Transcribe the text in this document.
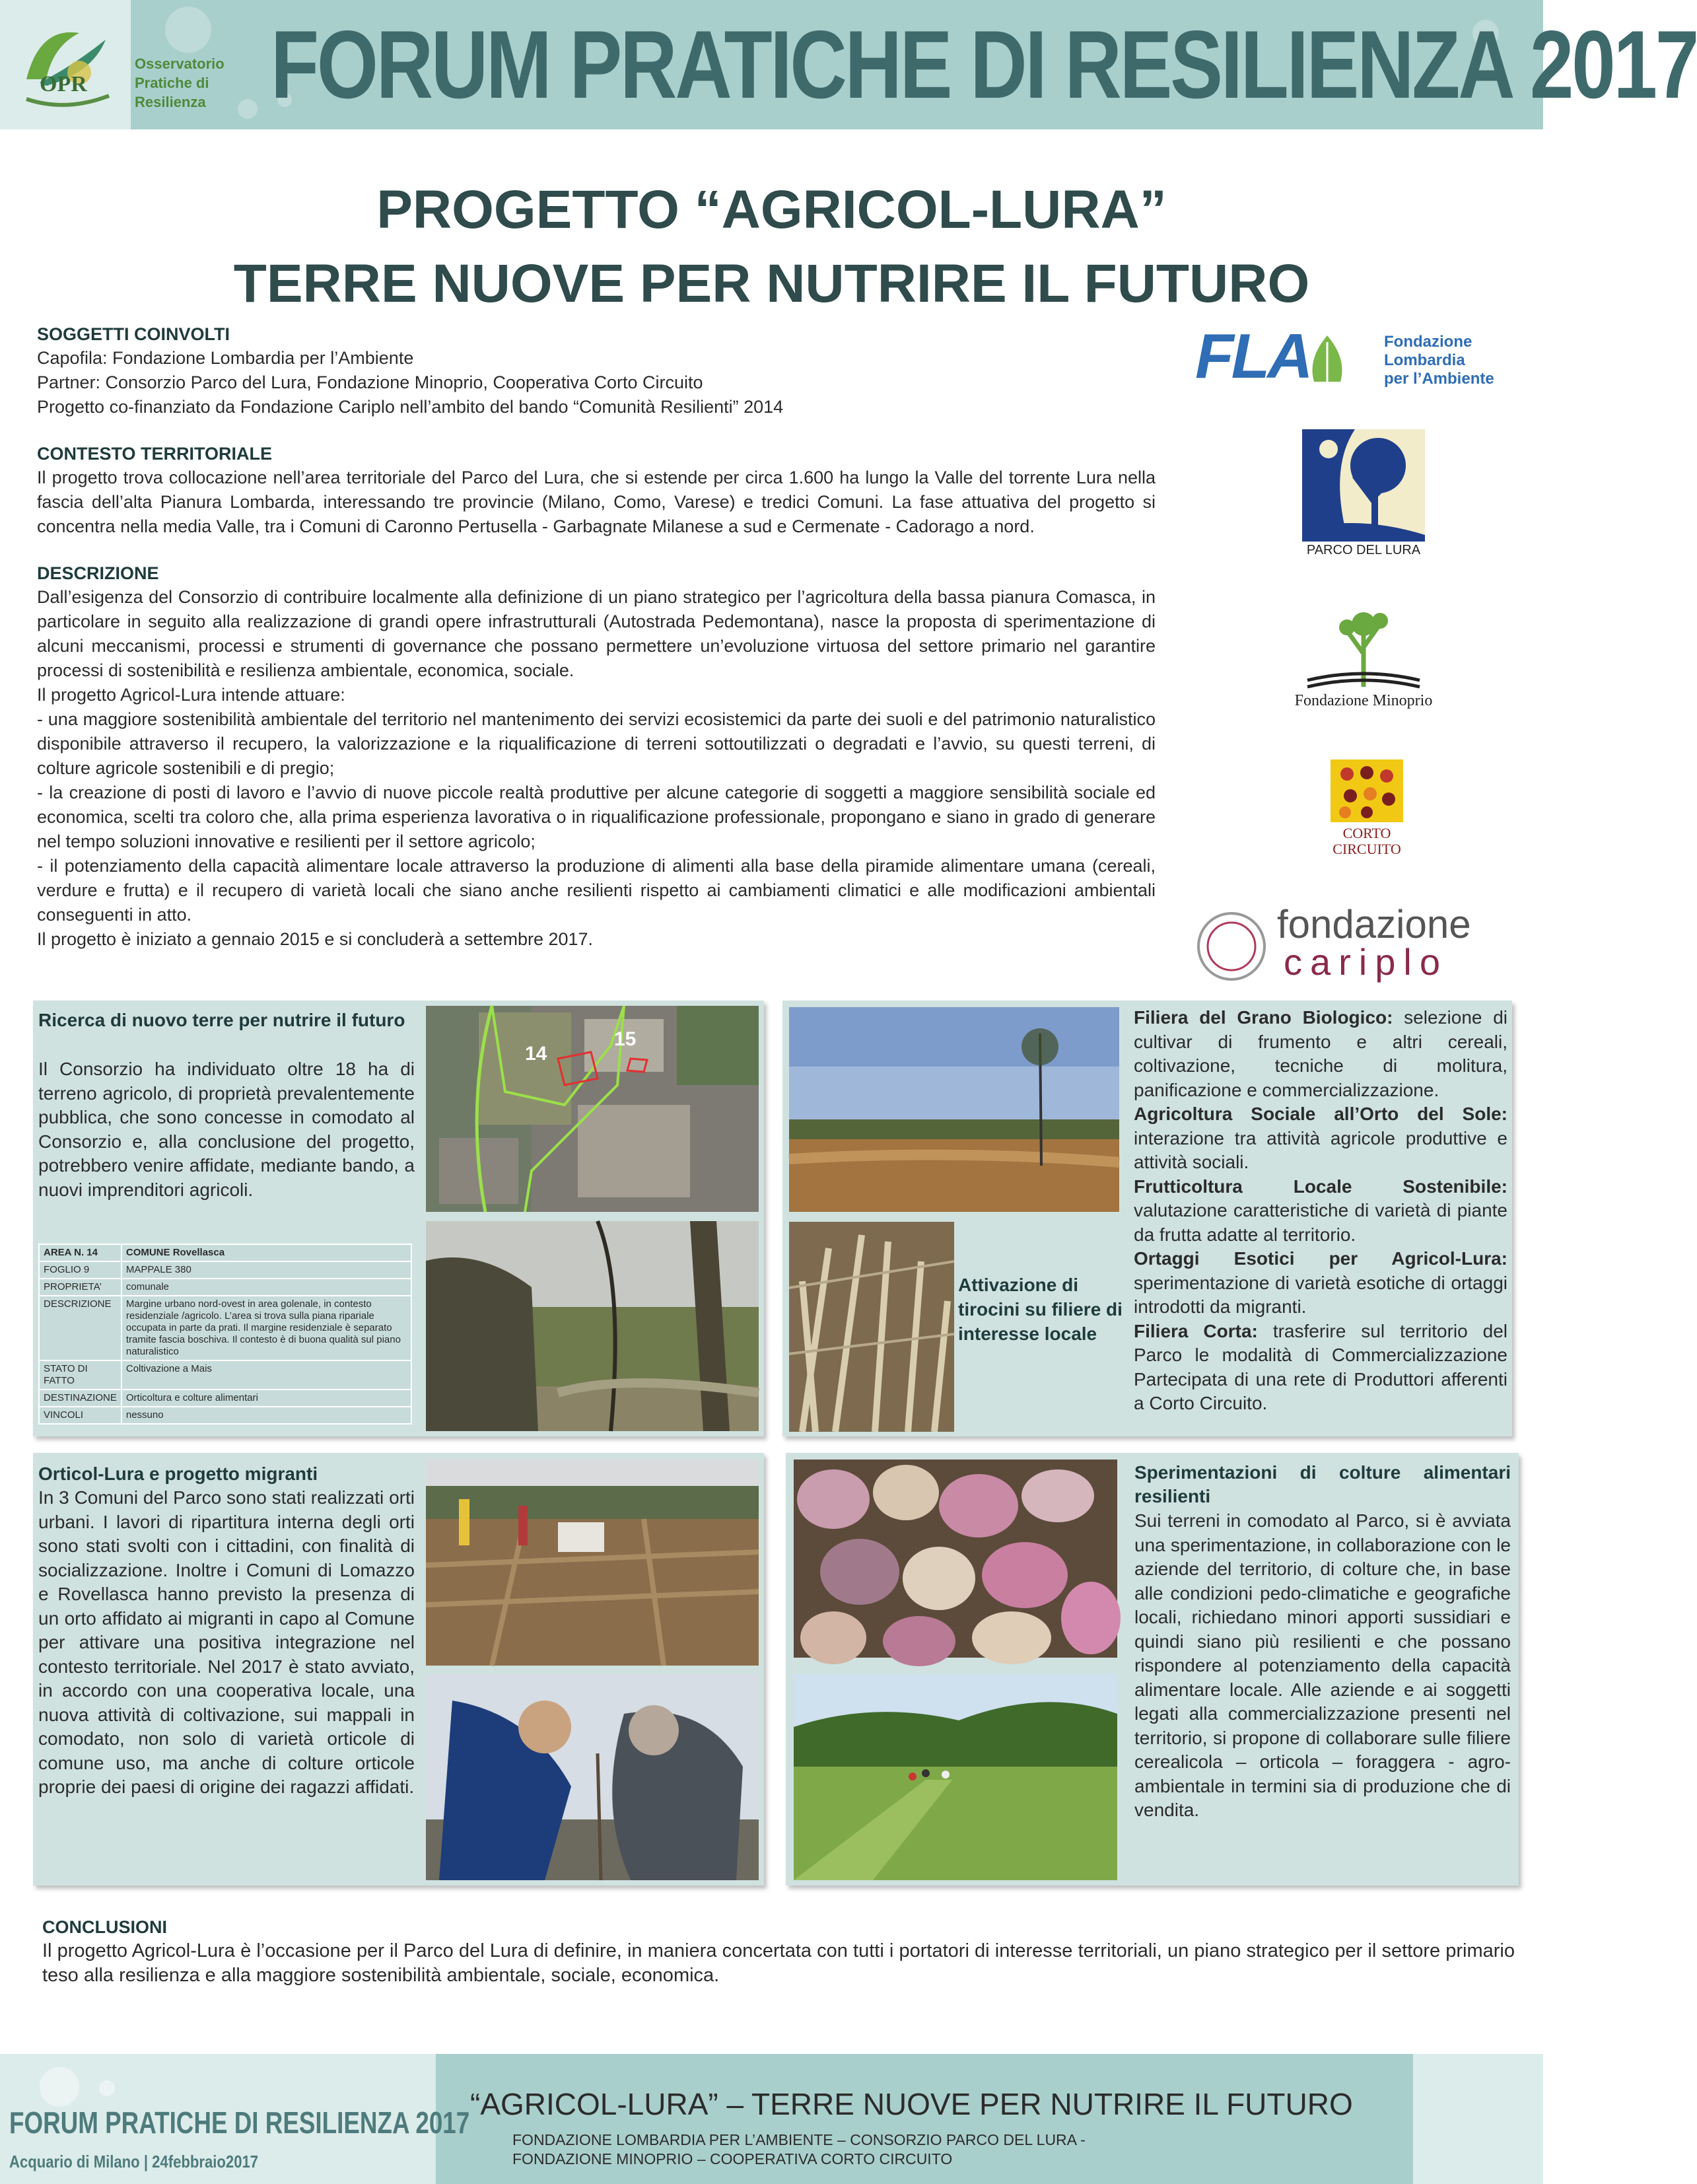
OPR
Osservatorio
Pratiche di
Resilienza FORUM PRATICHE DI RESILIENZA 2017
PROGETTO “AGRICOL-LURA”
TERRE NUOVE PER NUTRIRE IL FUTURO
SOGGETTI COINVOLTI
Capofila: Fondazione Lombardia per l’Ambiente
Partner: Consorzio Parco del Lura, Fondazione Minoprio, Cooperativa Corto Circuito
Progetto co-finanziato da Fondazione Cariplo nell’ambito del bando “Comunità Resilienti” 2014
CONTESTO TERRITORIALE
Il progetto trova collocazione nell’area territoriale del Parco del Lura, che si estende per circa 1.600 ha lungo la Valle del torrente Lura nella fascia dell’alta Pianura Lombarda, interessando tre provincie (Milano, Como, Varese) e tredici Comuni. La fase attuativa del progetto si concentra nella media Valle, tra i Comuni di Caronno Pertusella - Garbagnate Milanese a sud e Cermenate - Cadorago a nord.
DESCRIZIONE
Dall’esigenza del Consorzio di contribuire localmente alla definizione di un piano strategico per l’agricoltura della bassa pianura Comasca, in particolare in seguito alla realizzazione di grandi opere infrastrutturali (Autostrada Pedemontana), nasce la proposta di sperimentazione di alcuni meccanismi, processi e strumenti di governance che possano permettere un’evoluzione virtuosa del settore primario nel garantire processi di sostenibilità e resilienza ambientale, economica, sociale.
Il progetto Agricol-Lura intende attuare:
- una maggiore sostenibilità ambientale del territorio nel mantenimento dei servizi ecosistemici da parte dei suoli e del patrimonio naturalistico disponibile attraverso il recupero, la valorizzazione e la riqualificazione di terreni sottoutilizzati o degradati e l’avvio, su questi terreni, di colture agricole sostenibili e di pregio;
- la creazione di posti di lavoro e l’avvio di nuove piccole realtà produttive per alcune categorie di soggetti a maggiore sensibilità sociale ed economica, scelti tra coloro che, alla prima esperienza lavorativa o in riqualificazione professionale, propongano e siano in grado di generare nel tempo soluzioni innovative e resilienti per il settore agricolo;
- il potenziamento della capacità alimentare locale attraverso la produzione di alimenti alla base della piramide alimentare umana (cereali, verdure e frutta) e il recupero di varietà locali che siano anche resilienti rispetto ai cambiamenti climatici e alle modificazioni ambientali conseguenti in atto.
Il progetto è iniziato a gennaio 2015 e si concluderà a settembre 2017.
FLA	Fondazione
Lombardia
per l’Ambiente
PARCO DEL LURA
Fondazione Minoprio
CORTO
CIRCUITO
fondazione
cariplo
Ricerca di nuovo terre per nutrire il futuro
Il Consorzio ha individuato oltre 18 ha di terreno agricolo, di proprietà prevalentemente pubblica, che sono concesse in comodato al Consorzio e, alla conclusione del progetto, potrebbero venire affidate, mediante bando, a nuovi imprenditori agricoli.
14
15
AREA N. 14	COMUNE Rovellasca
FOGLIO 9	MAPPALE 380
PROPRIETA’	comunale
DESCRIZIONE	Margine urbano nord-ovest in area golenale, in contesto residenziale /agricolo. L’area si trova sulla piana ripariale occupata in parte da prati. Il margine residenziale è separato tramite fascia boschiva. Il contesto è di buona qualità sul piano naturalistico
STATO DI FATTO	Coltivazione a Mais
DESTINAZIONE	Orticoltura e colture alimentari
VINCOLI	nessuno
Attivazione di tirocini su filiere di interesse locale
Filiera del Grano Biologico: selezione di cultivar di frumento e altri cereali, coltivazione, tecniche di molitura, panificazione e commercializzazione.
Agricoltura Sociale all’Orto del Sole: interazione tra attività agricole produttive e attività sociali.
Frutticoltura Locale Sostenibile: valutazione caratteristiche di varietà di piante da frutta adatte al territorio.
Ortaggi Esotici per Agricol-Lura: sperimentazione di varietà esotiche di ortaggi introdotti da migranti.
Filiera Corta: trasferire sul territorio del Parco le modalità di Commercializzazione Partecipata di una rete di Produttori afferenti a Corto Circuito.
Orticol-Lura e progetto migranti
In 3 Comuni del Parco sono stati realizzati orti urbani. I lavori di ripartitura interna degli orti sono stati svolti con i cittadini, con finalità di socializzazione. Inoltre i Comuni di Lomazzo e Rovellasca hanno previsto la presenza di un orto affidato ai migranti in capo al Comune per attivare una positiva integrazione nel contesto territoriale. Nel 2017 è stato avviato, in accordo con una cooperativa locale, una nuova attività di coltivazione, sui mappali in comodato, non solo di varietà orticole di comune uso, ma anche di colture orticole proprie dei paesi di origine dei ragazzi affidati.
Sperimentazioni di colture alimentari resilienti
Sui terreni in comodato al Parco, si è avviata una sperimentazione, in collaborazione con le aziende del territorio, di colture che, in base alle condizioni pedo-climatiche e geografiche locali, richiedano minori apporti sussidiari e quindi siano più resilienti e che possano rispondere al potenziamento della capacità alimentare locale. Alle aziende e ai soggetti legati alla commercializzazione presenti nel territorio, si propone di collaborare sulle filiere cerealicola – orticola – foraggera - agro-ambientale in termini sia di produzione che di vendita.
CONCLUSIONI
Il progetto Agricol-Lura è l’occasione per il Parco del Lura di definire, in maniera concertata con tutti i portatori di interesse territoriali, un piano strategico per il settore primario teso alla resilienza e alla maggiore sostenibilità ambientale, sociale, economica.
FORUM PRATICHE DI RESILIENZA 2017
Acquario di Milano | 24febbraio2017
“AGRICOL-LURA” – TERRE NUOVE PER NUTRIRE IL FUTURO
FONDAZIONE LOMBARDIA PER L’AMBIENTE – CONSORZIO PARCO DEL LURA -
FONDAZIONE MINOPRIO – COOPERATIVA CORTO CIRCUITO
